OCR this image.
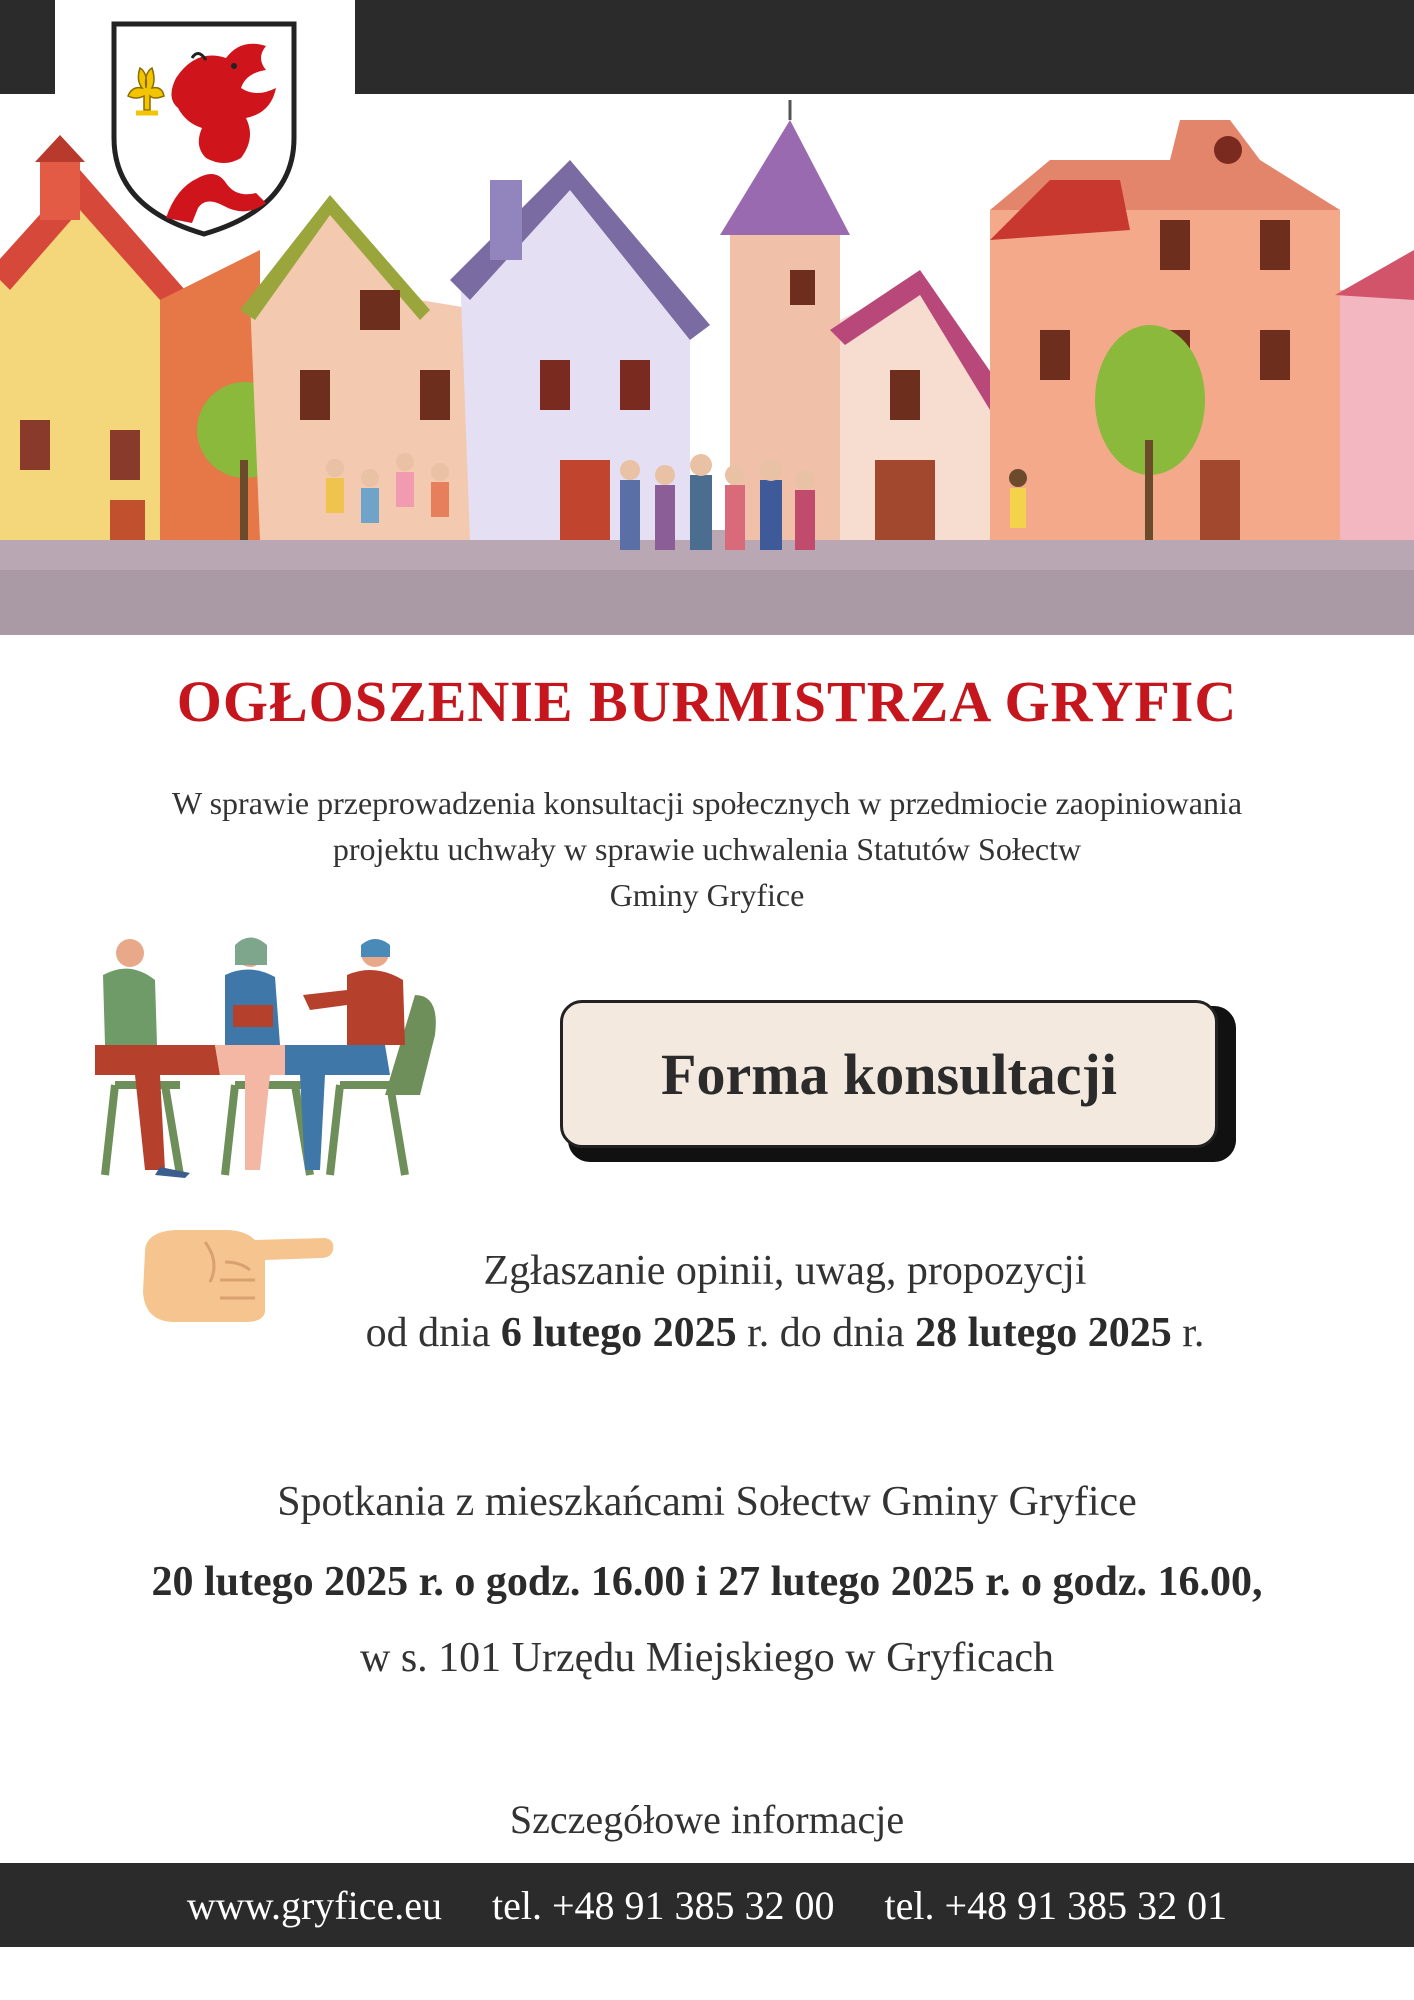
OGŁOSZENIE BURMISTRZA GRYFIC
W sprawie przeprowadzenia konsultacji społecznych w przedmiocie zaopiniowania
projektu uchwały w sprawie uchwalenia Statutów Sołectw
Gminy Gryfice
Forma konsultacji
Zgłaszanie opinii, uwag, propozycji
od dnia 6 lutego 2025 r. do dnia 28 lutego 2025 r.

Spotkania z mieszkańcami Sołectw Gminy Gryfice

20 lutego 2025 r. o godz. 16.00 i 27 lutego 2025 r. o godz. 16.00,

w s. 101 Urzędu Miejskiego w Gryficach

Szczegółowe informacje
www.gryfice.eu tel. +48 91 385 32 00 tel. +48 91 385 32 01
